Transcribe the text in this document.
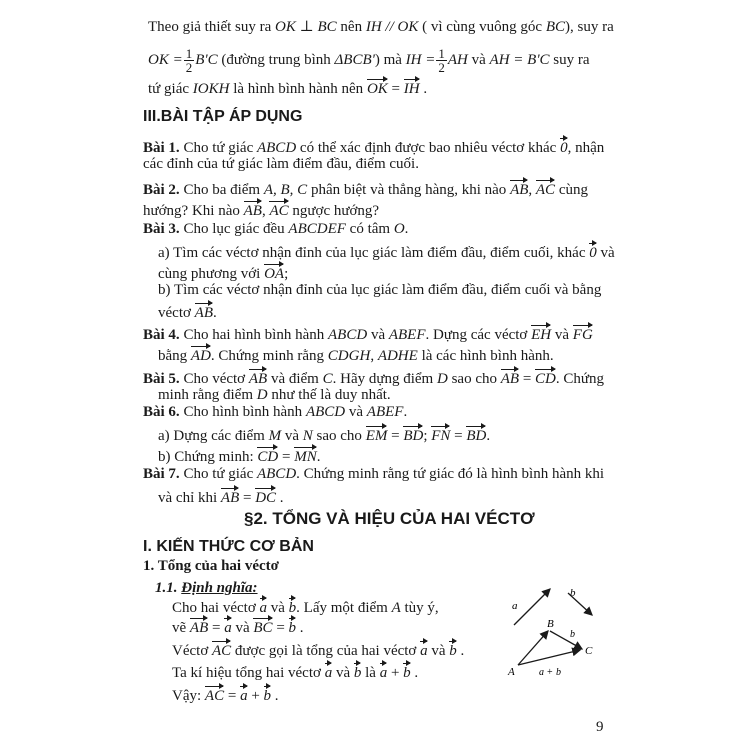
Theo giả thiết suy ra OK ⊥ BC nên IH // OK ( vì cùng vuông góc BC), suy ra
OK = $\frac{1}{2} B'C$ (đường trung bình ΔBCB') mà IH = $\frac{1}{2}$ AH và AH = B'C suy ra
tứ giác IOKH là hình bình hành nên OK = IH .
III.BÀI TẬP ÁP DỤNG
Bài 1. Cho tứ giác ABCD có thể xác định được bao nhiêu véctơ khác 0, nhận
các đỉnh của tứ giác làm điểm đầu, điểm cuối.
Bài 2. Cho ba điểm A, B, C phân biệt và thẳng hàng, khi nào AB, AC cùng
hướng? Khi nào AB, AC ngược hướng?
Bài 3. Cho lục giác đều ABCDEF có tâm O.
a) Tìm các véctơ nhận đỉnh của lục giác làm điểm đầu, điểm cuối, khác 0 và
cùng phương với OA;
b) Tìm các véctơ nhận đỉnh của lục giác làm điểm đầu, điểm cuối và bằng
véctơ AB.
Bài 4. Cho hai hình bình hành ABCD và ABEF. Dựng các véctơ EH và FG
bằng AD. Chứng minh rằng CDGH, ADHE là các hình bình hành.
Bài 5. Cho véctơ AB và điểm C. Hãy dựng điểm D sao cho AB = CD. Chứng
minh rằng điểm D như thế là duy nhất.
Bài 6. Cho hình bình hành ABCD và ABEF.
a) Dựng các điểm M và N sao cho EM = BD; FN = BD.
b) Chứng minh: CD = MN.
Bài 7. Cho tứ giác ABCD. Chứng minh rằng tứ giác đó là hình bình hành khi
và chỉ khi AB = DC .
§2. TỔNG VÀ HIỆU CỦA HAI VÉCTƠ
I. KIẾN THỨC CƠ BẢN
1. Tổng của hai véctơ
1.1. Định nghĩa:
Cho hai véctơ a và b. Lấy một điểm A tùy ý,
vẽ AB = a và BC = b .
Véctơ AC được gọi là tổng của hai véctơ a và b .
Ta kí hiệu tổng hai véctơ a và b là a + b .
Vậy: AC = a + b .
a
b
A
B
C
b
a + b
9
